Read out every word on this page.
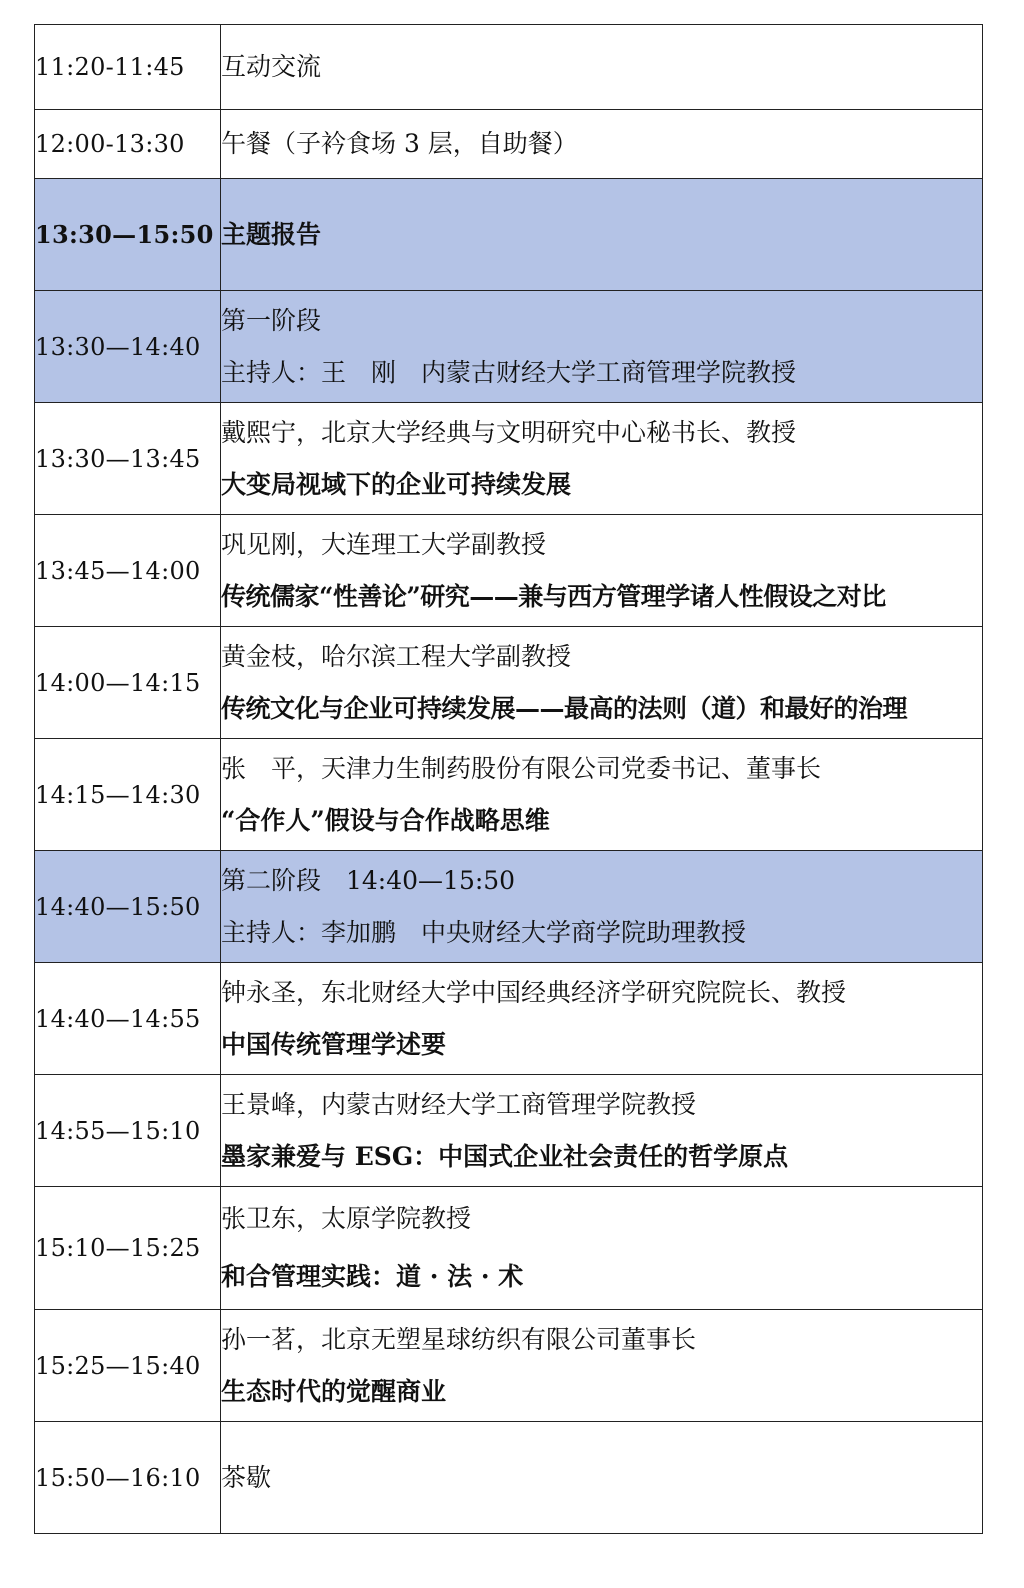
11:20-11:45	互动交流

12:00-13:30	午餐（子衿食场 3 层，自助餐）

13:30—15:50	主题报告

13:30—14:40	第一阶段
主持人：王　刚　内蒙古财经大学工商管理学院教授

13:30—13:45	戴熙宁，北京大学经典与文明研究中心秘书长、教授
大变局视域下的企业可持续发展

13:45—14:00	巩见刚，大连理工大学副教授
传统儒家“性善论”研究——兼与西方管理学诸人性假设之对比

14:00—14:15	黄金枝，哈尔滨工程大学副教授
传统文化与企业可持续发展——最高的法则（道）和最好的治理

14:15—14:30	张　平，天津力生制药股份有限公司党委书记、董事长
“合作人”假设与合作战略思维

14:40—15:50	第二阶段　14:40—15:50
主持人：李加鹏　中央财经大学商学院助理教授

14:40—14:55	钟永圣，东北财经大学中国经典经济学研究院院长、教授
中国传统管理学述要

14:55—15:10	王景峰，内蒙古财经大学工商管理学院教授
墨家兼爱与 ESG：中国式企业社会责任的哲学原点

15:10—15:25	张卫东，太原学院教授
和合管理实践：道 · 法 · 术

15:25—15:40	孙一茗，北京无塑星球纺织有限公司董事长
生态时代的觉醒商业

15:50—16:10	茶歇
